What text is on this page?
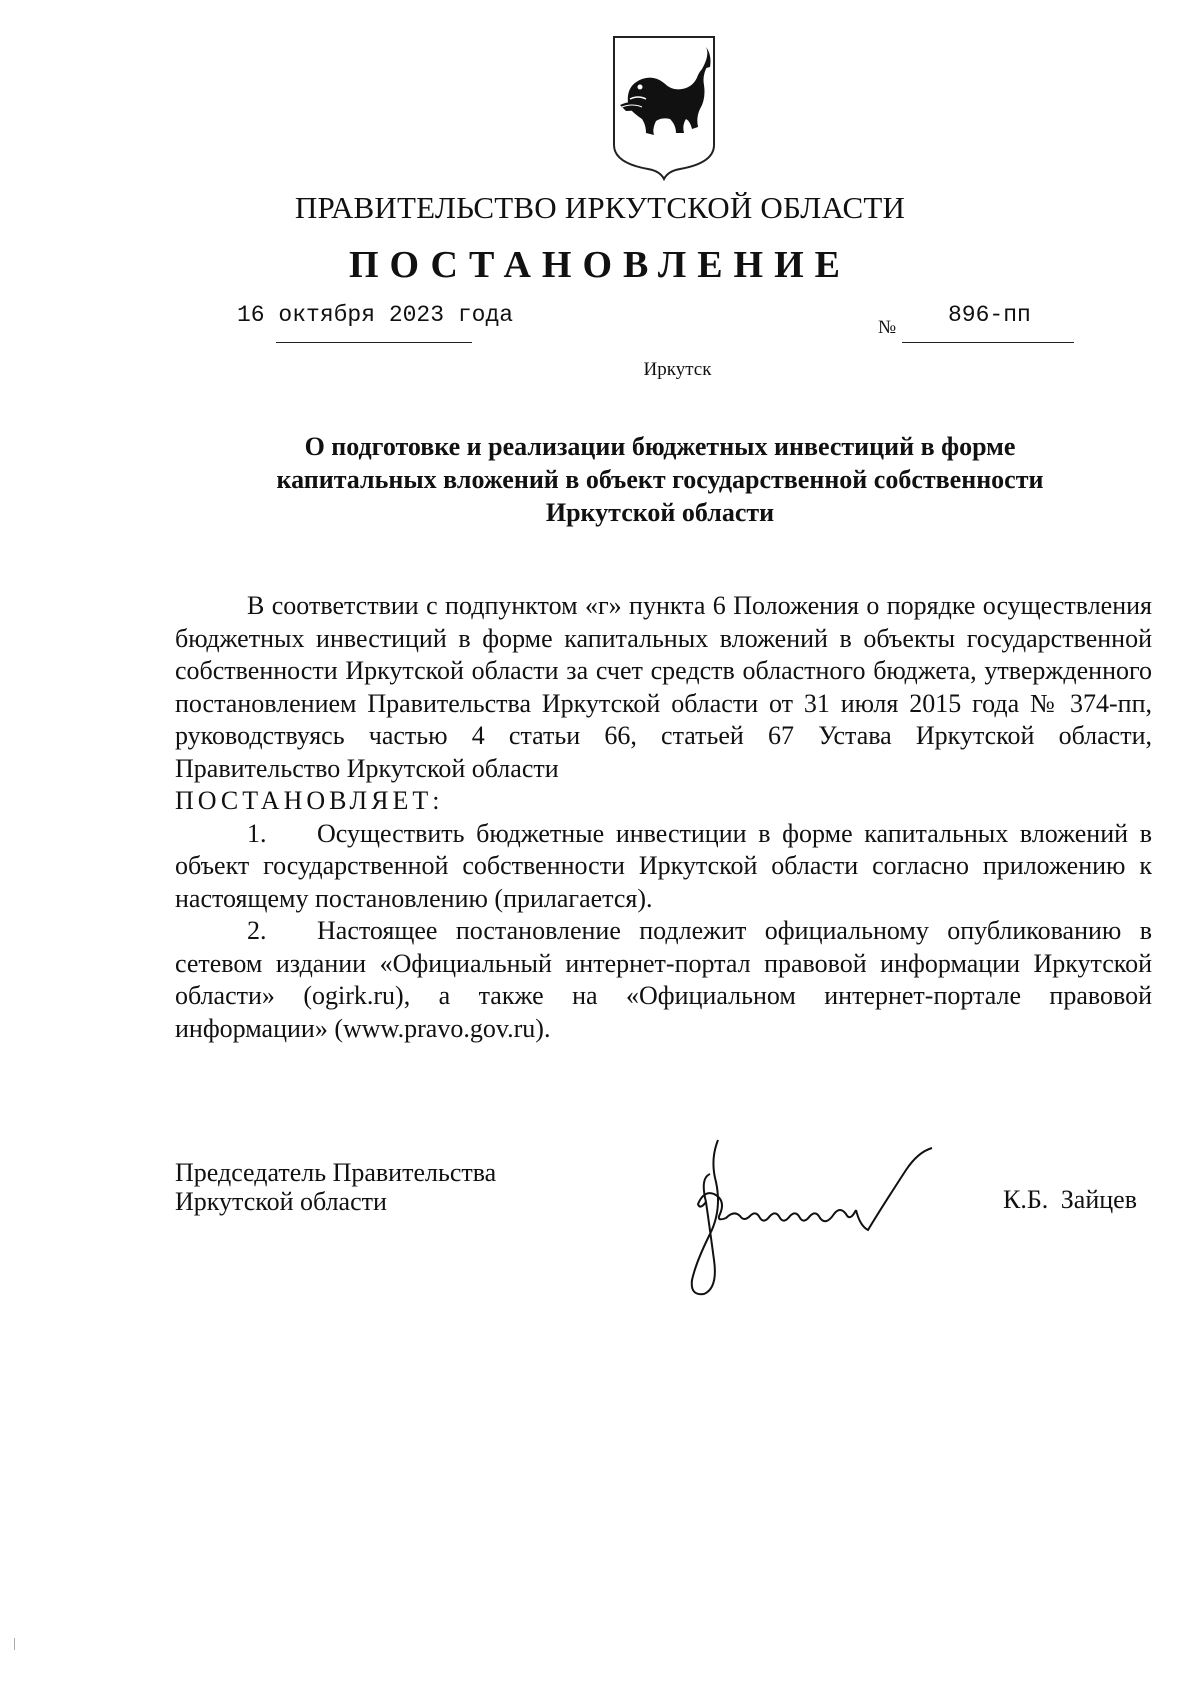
ПРАВИТЕЛЬСТВО ИРКУТСКОЙ ОБЛАСТИ
ПОСТАНОВЛЕНИЕ
16 октября 2023 года	№ 896-пп
Иркутск
О подготовке и реализации бюджетных инвестиций в форме
капитальных вложений в объект государственной собственности
Иркутской области

В соответствии с подпунктом «г» пункта 6 Положения о порядке осуществления бюджетных инвестиций в форме капитальных вложений в объекты государственной собственности Иркутской области за счет средств областного бюджета, утвержденного постановлением Правительства Иркутской области от 31 июля 2015 года № 374-пп, руководствуясь частью 4 статьи 66, статьей 67 Устава Иркутской области, Правительство Иркутской области

ПОСТАНОВЛЯЕТ:

1. Осуществить бюджетные инвестиции в форме капитальных вложений в объект государственной собственности Иркутской области согласно приложению к настоящему постановлению (прилагается).

2. Настоящее постановление подлежит официальному опубликованию в сетевом издании «Официальный интернет-портал правовой информации Иркутской области» (ogirk.ru), а также на «Официальном интернет-портале правовой информации» (www.pravo.gov.ru).

Председатель Правительства
Иркутской области	К.Б. Зайцев
